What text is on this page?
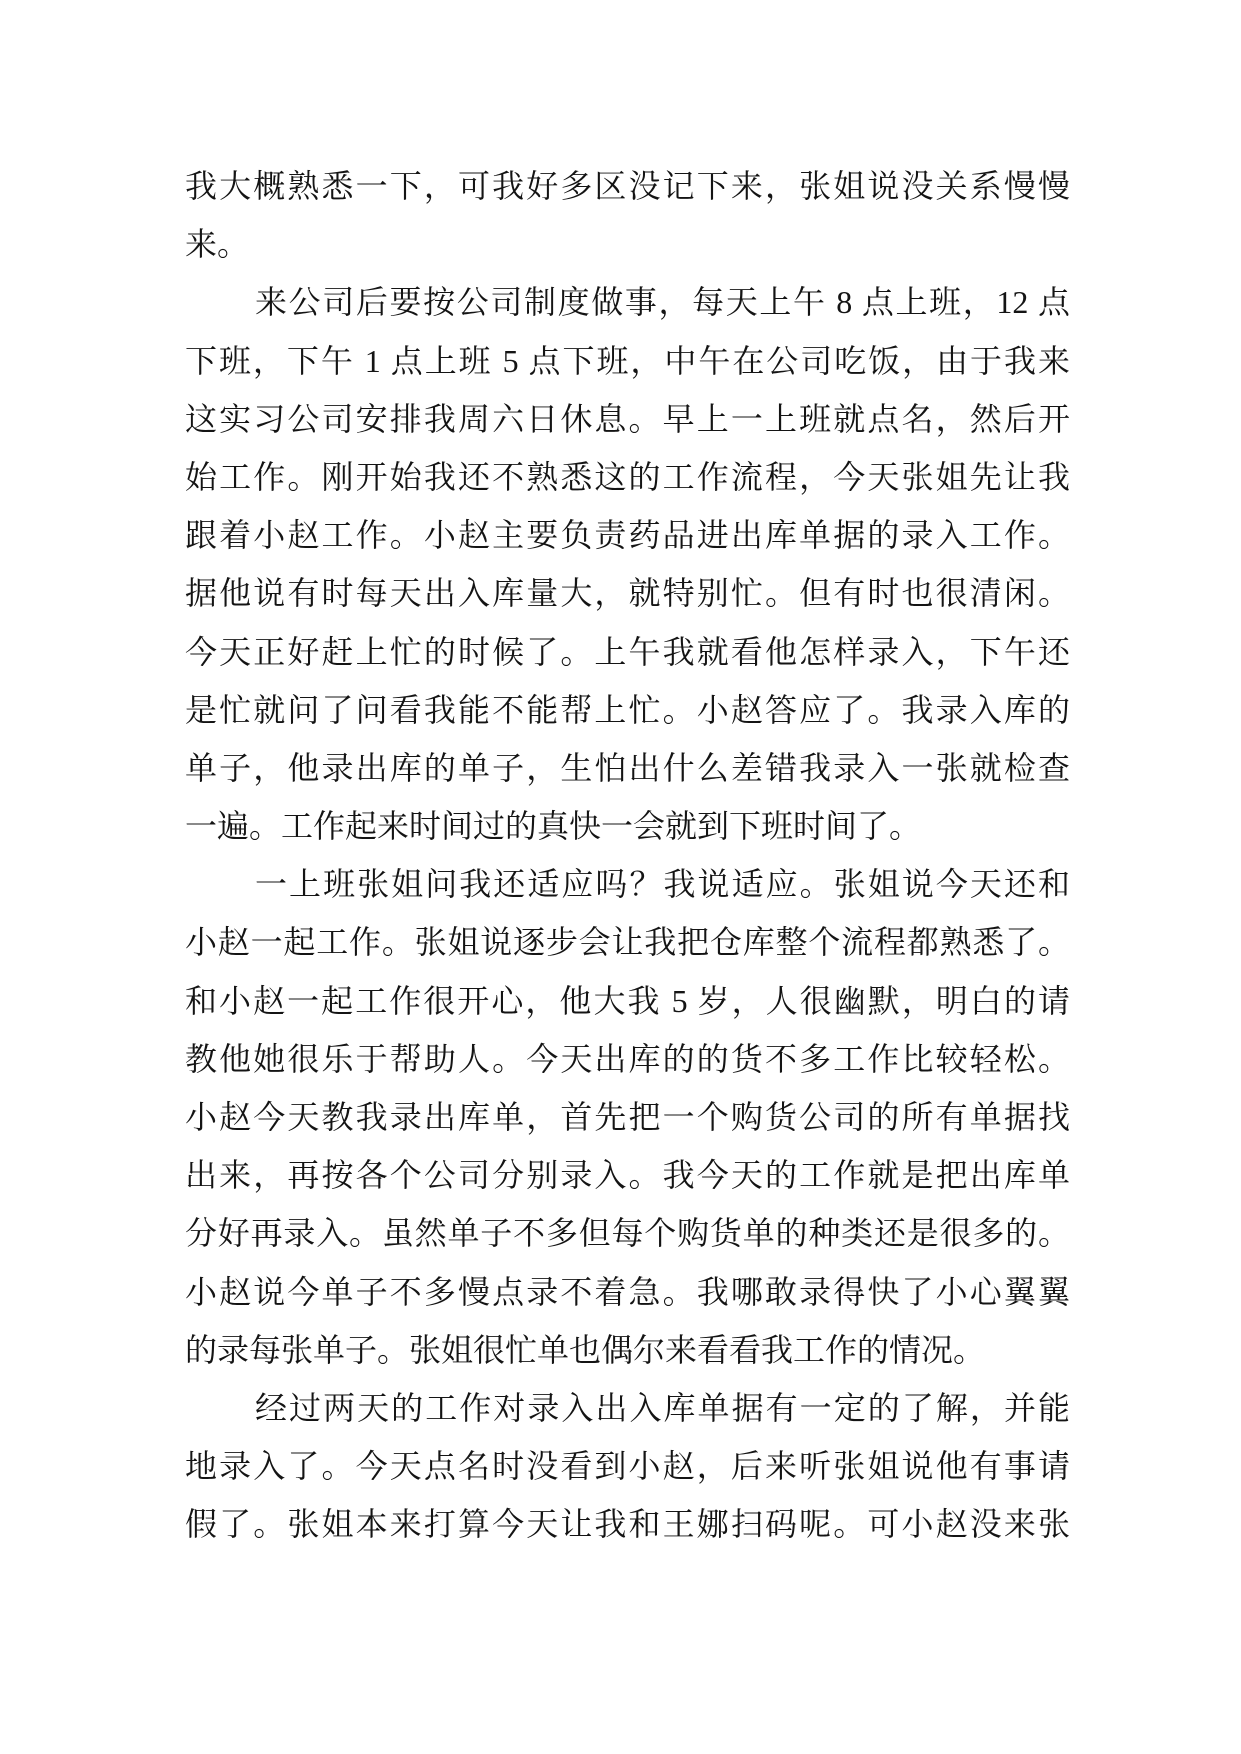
我大概熟悉一下，可我好多区没记下来，张姐说没关系慢慢
来。
来公司后要按公司制度做事，每天上午 8 点上班，12 点
下班，下午 1 点上班 5 点下班，中午在公司吃饭，由于我来
这实习公司安排我周六日休息。早上一上班就点名，然后开
始工作。刚开始我还不熟悉这的工作流程，今天张姐先让我
跟着小赵工作。小赵主要负责药品进出库单据的录入工作。
据他说有时每天出入库量大，就特别忙。但有时也很清闲。
今天正好赶上忙的时候了。上午我就看他怎样录入，下午还
是忙就问了问看我能不能帮上忙。小赵答应了。我录入库的
单子，他录出库的单子，生怕出什么差错我录入一张就检查
一遍。工作起来时间过的真快一会就到下班时间了。
一上班张姐问我还适应吗？我说适应。张姐说今天还和
小赵一起工作。张姐说逐步会让我把仓库整个流程都熟悉了。
和小赵一起工作很开心，他大我 5 岁，人很幽默，明白的请
教他她很乐于帮助人。今天出库的的货不多工作比较轻松。
小赵今天教我录出库单，首先把一个购货公司的所有单据找
出来，再按各个公司分别录入。我今天的工作就是把出库单
分好再录入。虽然单子不多但每个购货单的种类还是很多的。
小赵说今单子不多慢点录不着急。我哪敢录得快了小心翼翼
的录每张单子。张姐很忙单也偶尔来看看我工作的情况。
经过两天的工作对录入出入库单据有一定的了解，并能
地录入了。今天点名时没看到小赵，后来听张姐说他有事请
假了。张姐本来打算今天让我和王娜扫码呢。可小赵没来张
